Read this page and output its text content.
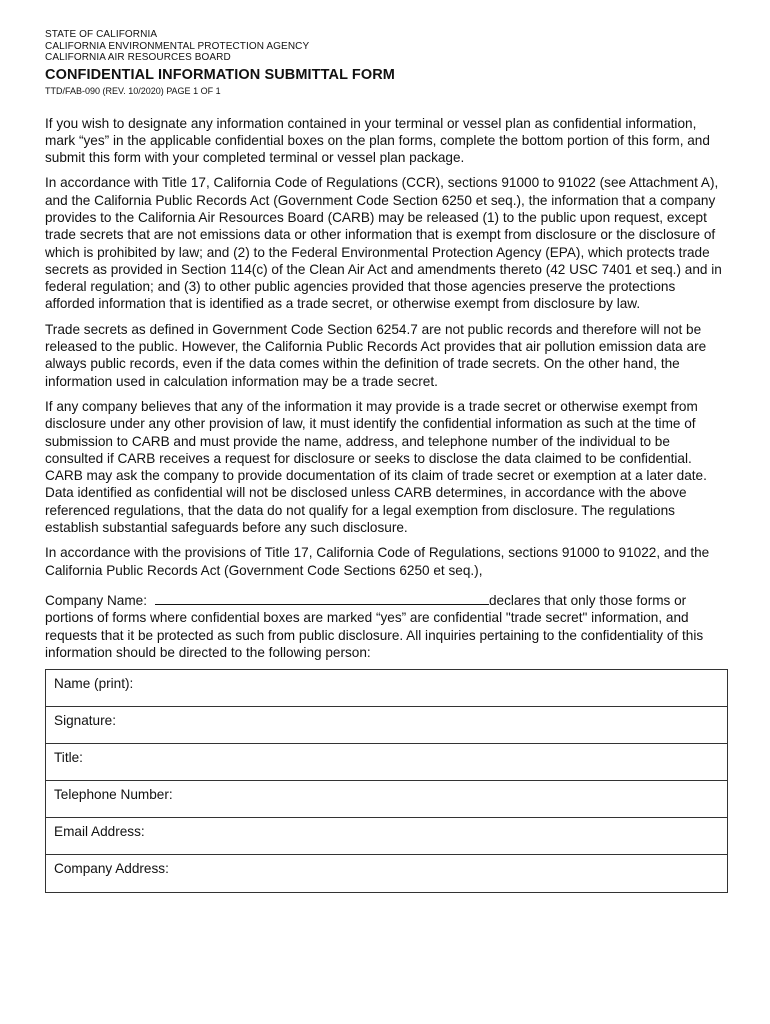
STATE OF CALIFORNIA
CALIFORNIA ENVIRONMENTAL PROTECTION AGENCY
CALIFORNIA AIR RESOURCES BOARD
CONFIDENTIAL INFORMATION SUBMITTAL FORM
TTD/FAB-090 (REV. 10/2020) PAGE 1 OF 1

If you wish to designate any information contained in your terminal or vessel plan as confidential information, mark “yes” in the applicable confidential boxes on the plan forms, complete the bottom portion of this form, and submit this form with your completed terminal or vessel plan package.

In accordance with Title 17, California Code of Regulations (CCR), sections 91000 to 91022 (see Attachment A), and the California Public Records Act (Government Code Section 6250 et seq.), the information that a company provides to the California Air Resources Board (CARB) may be released (1) to the public upon request, except trade secrets that are not emissions data or other information that is exempt from disclosure or the disclosure of which is prohibited by law; and (2) to the Federal Environmental Protection Agency (EPA), which protects trade secrets as provided in Section 114(c) of the Clean Air Act and amendments thereto (42 USC 7401 et seq.) and in federal regulation; and (3) to other public agencies provided that those agencies preserve the protections afforded information that is identified as a trade secret, or otherwise exempt from disclosure by law.

Trade secrets as defined in Government Code Section 6254.7 are not public records and therefore will not be released to the public. However, the California Public Records Act provides that air pollution emission data are always public records, even if the data comes within the definition of trade secrets. On the other hand, the information used in calculation information may be a trade secret.

If any company believes that any of the information it may provide is a trade secret or otherwise exempt from disclosure under any other provision of law, it must identify the confidential information as such at the time of submission to CARB and must provide the name, address, and telephone number of the individual to be consulted if CARB receives a request for disclosure or seeks to disclose the data claimed to be confidential. CARB may ask the company to provide documentation of its claim of trade secret or exemption at a later date. Data identified as confidential will not be disclosed unless CARB determines, in accordance with the above referenced regulations, that the data do not qualify for a legal exemption from disclosure. The regulations establish substantial safeguards before any such disclosure.

In accordance with the provisions of Title 17, California Code of Regulations, sections 91000 to 91022, and the California Public Records Act (Government Code Sections 6250 et seq.),

Company Name:	declares that only those forms or portions of forms where confidential boxes are marked “yes” are confidential "trade secret" information, and requests that it be protected as such from public disclosure. All inquiries pertaining to the confidentiality of this information should be directed to the following person:
Name (print):
Signature:
Title:
Telephone Number:
Email Address:
Company Address:
